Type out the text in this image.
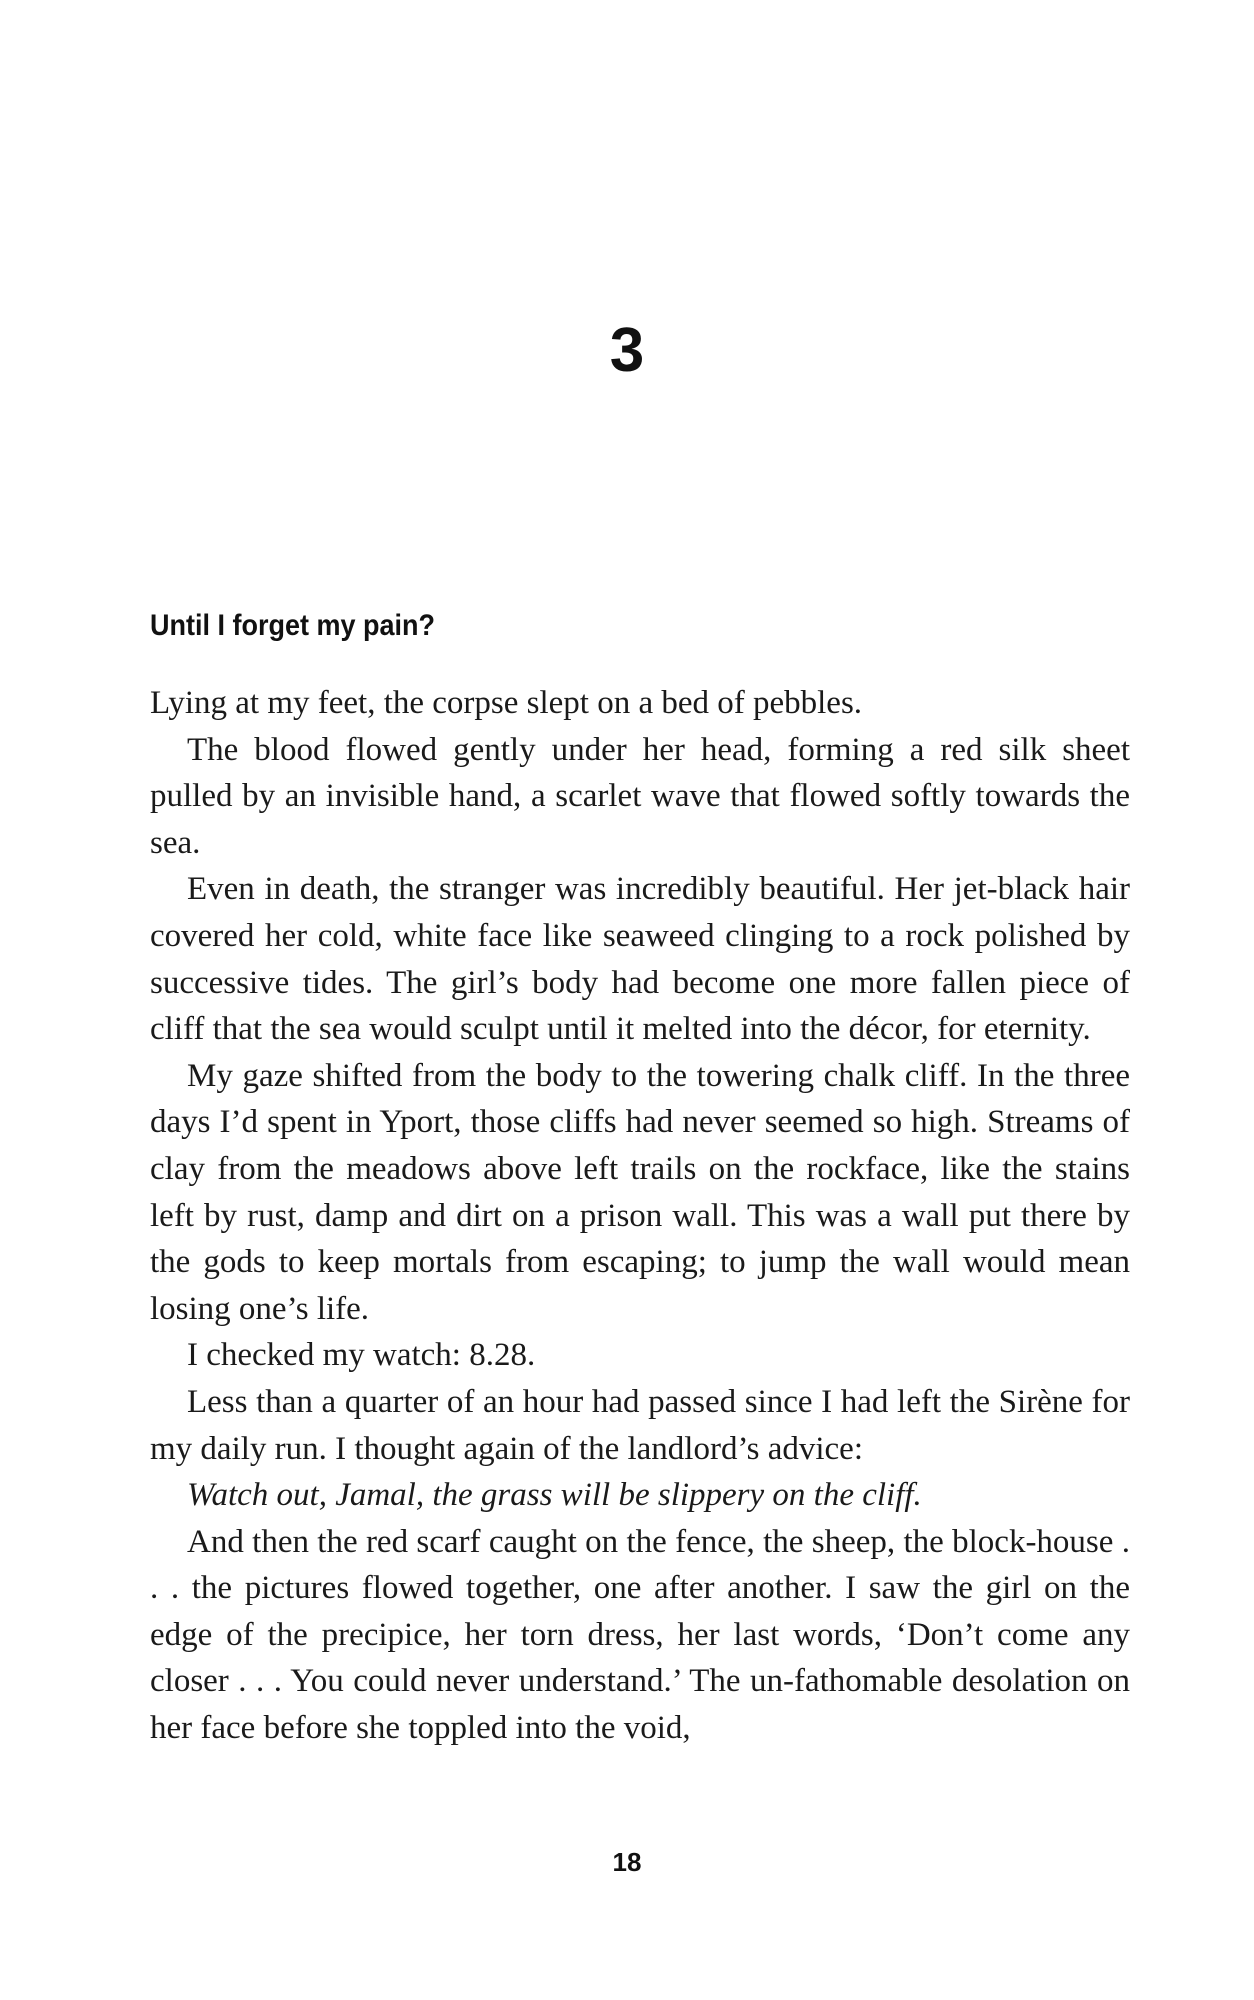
3
Until I forget my pain?

Lying at my feet, the corpse slept on a bed of pebbles.

The blood flowed gently under her head, forming a red silk sheet pulled by an invisible hand, a scarlet wave that flowed softly towards the sea.

Even in death, the stranger was incredibly beautiful. Her jet-black hair covered her cold, white face like seaweed clinging to a rock polished by successive tides. The girl’s body had become one more fallen piece of cliff that the sea would sculpt until it melted into the décor, for eternity.

My gaze shifted from the body to the towering chalk cliff. In the three days I’d spent in Yport, those cliffs had never seemed so high. Streams of clay from the meadows above left trails on the rockface, like the stains left by rust, damp and dirt on a prison wall. This was a wall put there by the gods to keep mortals from escaping; to jump the wall would mean losing one’s life.

I checked my watch: 8.28.

Less than a quarter of an hour had passed since I had left the Sirène for my daily run. I thought again of the landlord’s advice:

Watch out, Jamal, the grass will be slippery on the cliff.

And then the red scarf caught on the fence, the sheep, the block-house . . . the pictures flowed together, one after another. I saw the girl on the edge of the precipice, her torn dress, her last words, ‘Don’t come any closer . . . You could never understand.’ The un-fathomable desolation on her face before she toppled into the void,

18
